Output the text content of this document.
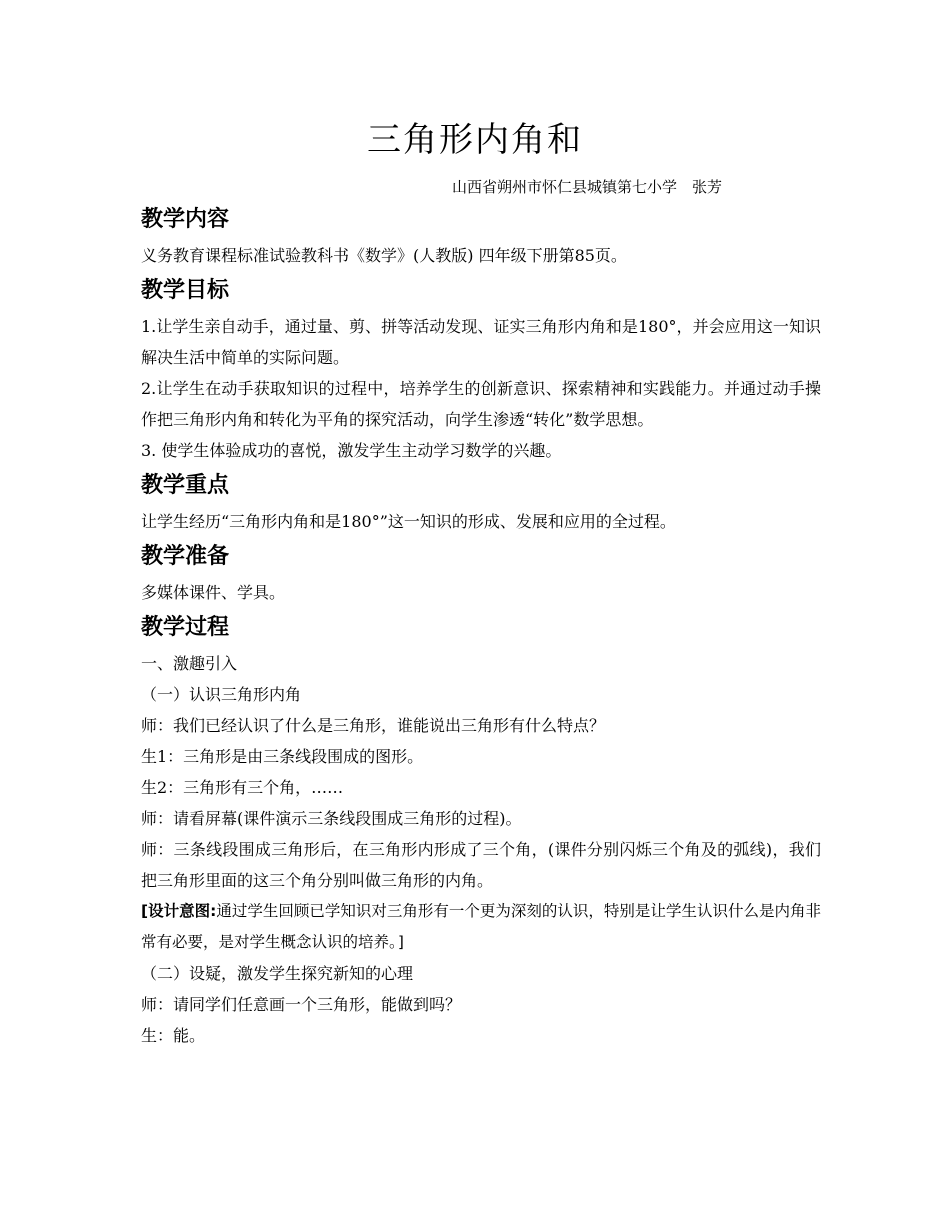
三角形内角和
山西省朔州市怀仁县城镇第七小学　张芳
教学内容

义务教育课程标准试验教科书《数学》(人教版) 四年级下册第85页。

教学目标

1.让学生亲自动手，通过量、剪、拼等活动发现、证实三角形内角和是180°，并会应用这一知识解决生活中简单的实际问题。

2.让学生在动手获取知识的过程中，培养学生的创新意识、探索精神和实践能力。并通过动手操作把三角形内角和转化为平角的探究活动，向学生渗透“转化”数学思想。

3. 使学生体验成功的喜悦，激发学生主动学习数学的兴趣。

教学重点

让学生经历“三角形内角和是180°”这一知识的形成、发展和应用的全过程。

教学准备

多媒体课件、学具。

教学过程

一、激趣引入

（一）认识三角形内角

师：我们已经认识了什么是三角形，谁能说出三角形有什么特点？

生1：三角形是由三条线段围成的图形。

生2：三角形有三个角，……

师：请看屏幕(课件演示三条线段围成三角形的过程)。

师：三条线段围成三角形后，在三角形内形成了三个角，(课件分别闪烁三个角及的弧线)，我们把三角形里面的这三个角分别叫做三角形的内角。

[设计意图:通过学生回顾已学知识对三角形有一个更为深刻的认识，特别是让学生认识什么是内角非常有必要，是对学生概念认识的培养。]

（二）设疑，激发学生探究新知的心理

师：请同学们任意画一个三角形，能做到吗？

生：能。
